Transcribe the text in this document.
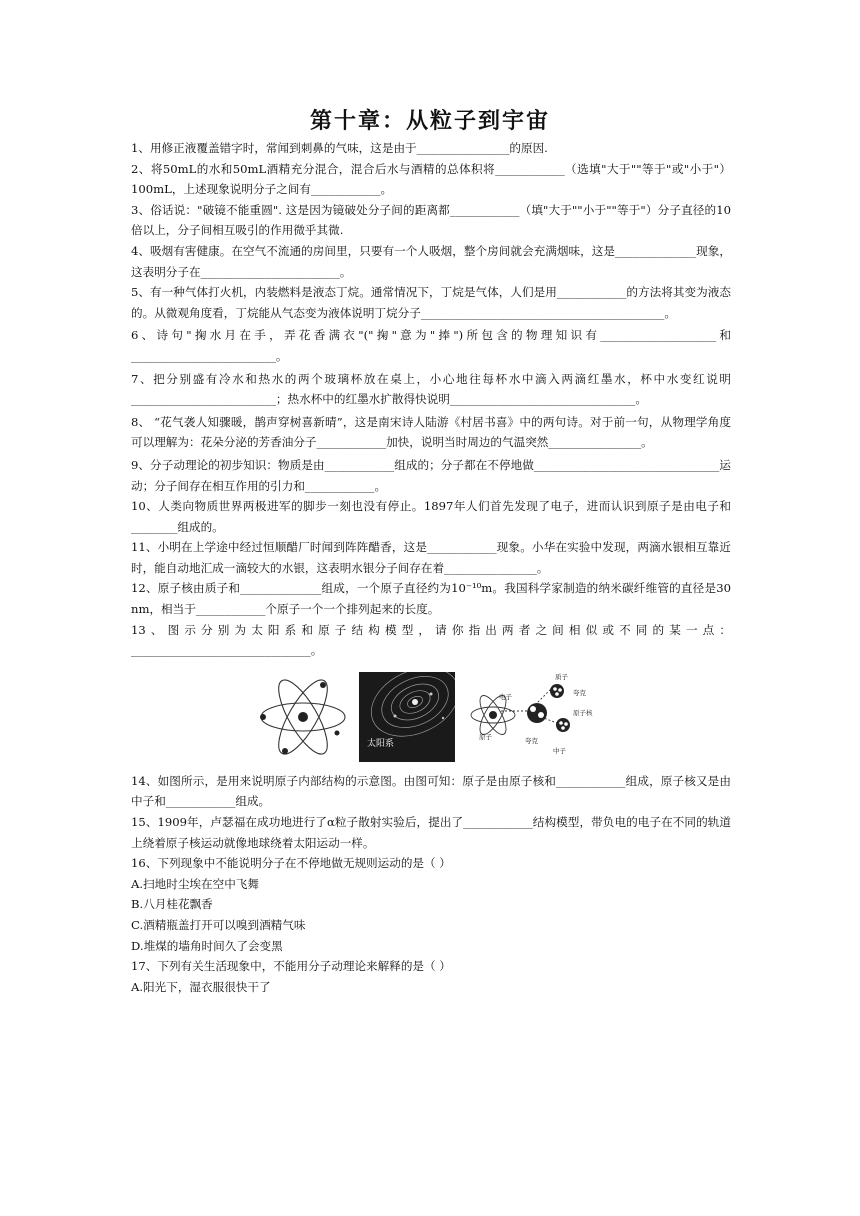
第十章：从粒子到宇宙

1、用修正液覆盖错字时，常闻到刺鼻的气味，这是由于________________的原因.

2、将50mL的水和50mL酒精充分混合，混合后水与酒精的总体积将____________（选填"大于""等于"或"小于"）100mL，上述现象说明分子之间有____________。

3、俗话说："破镜不能重圆". 这是因为镜破处分子间的距离都____________（填"大于""小于""等于"）分子直径的10倍以上，分子间相互吸引的作用微乎其微.

4、吸烟有害健康。在空气不流通的房间里，只要有一个人吸烟，整个房间就会充满烟味，这是______________现象，这表明分子在________________________。

5、有一种气体打火机，内装燃料是液态丁烷。通常情况下，丁烷是气体，人们是用____________的方法将其变为液态的。从微观角度看，丁烷能从气态变为液体说明丁烷分子__________________________________________。

6、诗句"掬水月在手，弄花香满衣"("掬"意为"捧")所包含的物理知识有____________________和_________________________。

7、把分别盛有冷水和热水的两个玻璃杯放在桌上，小心地往每杯水中滴入两滴红墨水，杯中水变红说明_________________________；热水杯中的红墨水扩散得快说明________________________________。

8、 “花气袭人知骤暖，鹊声穿树喜新晴”，这是南宋诗人陆游《村居书喜》中的两句诗。对于前一句，从物理学角度可以理解为：花朵分泌的芳香油分子____________加快，说明当时周边的气温突然________________。

9、分子动理论的初步知识：物质是由____________组成的；分子都在不停地做________________________________运动；分子间存在相互作用的引力和____________。

10、人类向物质世界两极进军的脚步一刻也没有停止。1897年人们首先发现了电子，进而认识到原子是由电子和________组成的。

11、小明在上学途中经过恒顺醋厂时闻到阵阵醋香，这是____________现象。小华在实验中发现，两滴水银相互靠近时，能自动地汇成一滴较大的水银，这表明水银分子间存在着________________。

12、原子核由质子和______________组成，一个原子直径约为10⁻¹⁰m。我国科学家制造的纳米碳纤维管的直径是30 nm，相当于____________个原子一个一个排列起来的长度。

13、图示分别为太阳系和原子结构模型，请你指出两者之间相似或不同的某一点：_______________________________。

太阳系
电子
质子
夸克
原子核
原子	夸克
中子

14、如图所示，是用来说明原子内部结构的示意图。由图可知：原子是由原子核和____________组成，原子核又是由中子和____________组成。

15、1909年，卢瑟福在成功地进行了α粒子散射实验后，提出了____________结构模型，带负电的电子在不同的轨道上绕着原子核运动就像地球绕着太阳运动一样。

16、下列现象中不能说明分子在不停地做无规则运动的是（ ）

A.扫地时尘埃在空中飞舞

B.八月桂花飘香

C.酒精瓶盖打开可以嗅到酒精气味

D.堆煤的墙角时间久了会变黑

17、下列有关生活现象中，不能用分子动理论来解释的是（ ）

A.阳光下，湿衣服很快干了
